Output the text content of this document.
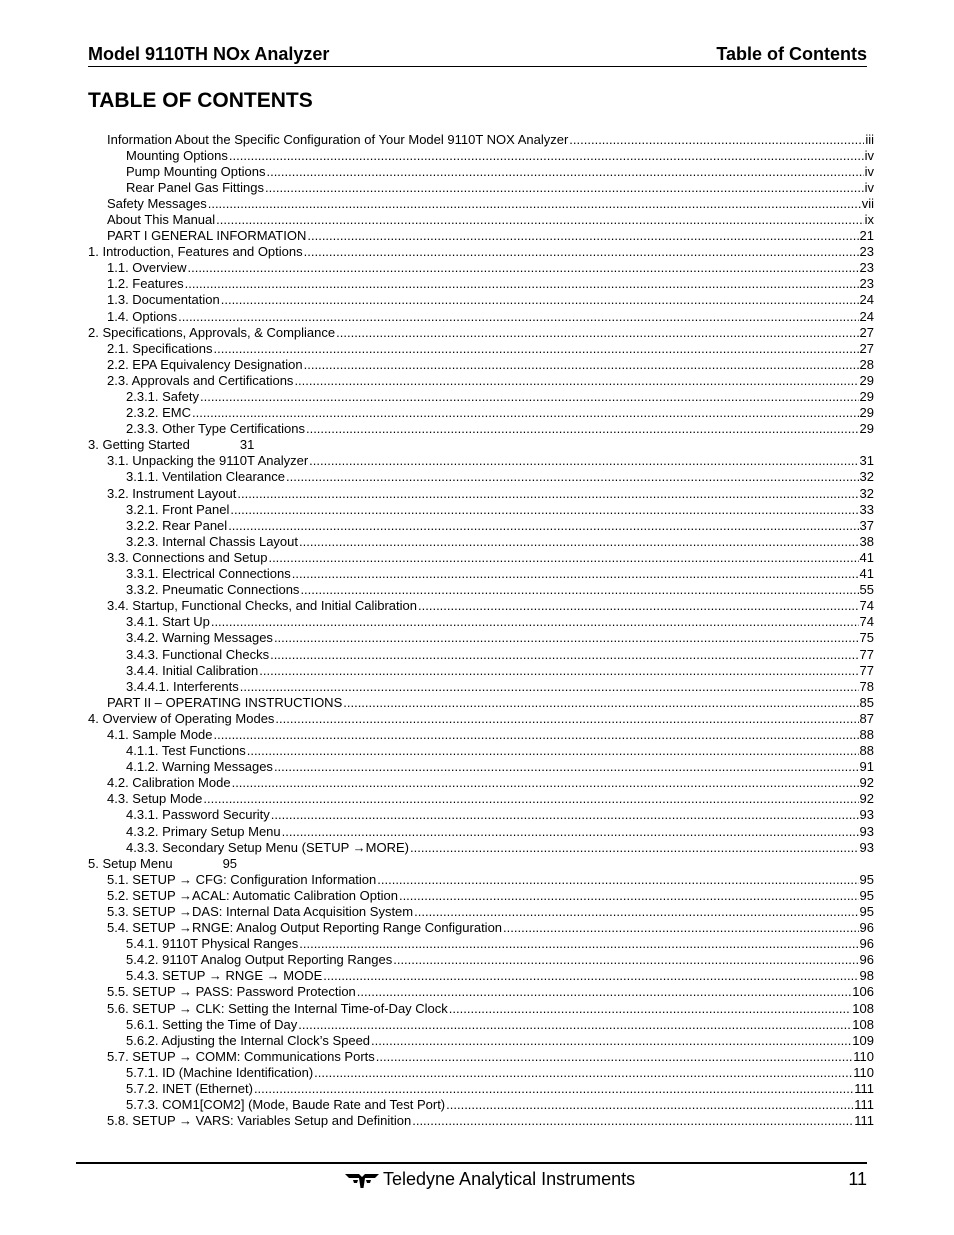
Model 9110TH NOx Analyzer	Table of Contents
TABLE OF CONTENTS
Information About the Specific Configuration of Your Model 9110T NOX Analyzer .....	iii
Mounting Options .....	iv
Pump Mounting Options .....	iv
Rear Panel Gas Fittings .....	iv
Safety Messages .....	vii
About This Manual .....	ix
PART I GENERAL INFORMATION .....	21
1. Introduction, Features and Options .....	23
1.1. Overview .....	23
1.2. Features .....	23
1.3. Documentation .....	24
1.4. Options .....	24
2. Specifications, Approvals, & Compliance .....	27
2.1. Specifications .....	27
2.2. EPA Equivalency Designation .....	28
2.3. Approvals and Certifications .....	29
2.3.1. Safety .....	29
2.3.2. EMC .....	29
2.3.3. Other Type Certifications .....	29
3. Getting Started	31
3.1. Unpacking the 9110T Analyzer .....	31
3.1.1. Ventilation Clearance .....	32
3.2. Instrument Layout .....	32
3.2.1. Front Panel .....	33
3.2.2. Rear Panel .....	37
3.2.3. Internal Chassis Layout .....	38
3.3. Connections and Setup .....	41
3.3.1. Electrical Connections .....	41
3.3.2. Pneumatic Connections .....	55
3.4. Startup, Functional Checks, and Initial Calibration .....	74
3.4.1. Start Up .....	74
3.4.2. Warning Messages .....	75
3.4.3. Functional Checks .....	77
3.4.4. Initial Calibration .....	77
3.4.4.1. Interferents .....	78
PART II – OPERATING INSTRUCTIONS .....	85
4. Overview of Operating Modes .....	87
4.1. Sample Mode .....	88
4.1.1. Test Functions .....	88
4.1.2. Warning Messages .....	91
4.2. Calibration Mode .....	92
4.3. Setup Mode .....	92
4.3.1. Password Security .....	93
4.3.2. Primary Setup Menu .....	93
4.3.3. Secondary Setup Menu (SETUP →MORE) .....	93
5. Setup Menu	95
5.1. SETUP → CFG: Configuration Information .....	95
5.2. SETUP →ACAL: Automatic Calibration Option .....	95
5.3. SETUP →DAS: Internal Data Acquisition System .....	95
5.4. SETUP →RNGE: Analog Output Reporting Range Configuration .....	96
5.4.1. 9110T Physical Ranges .....	96
5.4.2. 9110T Analog Output Reporting Ranges .....	96
5.4.3. SETUP → RNGE → MODE .....	98
5.5. SETUP → PASS: Password Protection .....	106
5.6. SETUP → CLK: Setting the Internal Time-of-Day Clock .....	108
5.6.1. Setting the Time of Day .....	108
5.6.2. Adjusting the Internal Clock’s Speed .....	109
5.7. SETUP → COMM: Communications Ports .....	110
5.7.1. ID (Machine Identification) .....	110
5.7.2. INET (Ethernet) .....	111
5.7.3. COM1[COM2] (Mode, Baude Rate and Test Port) .....	111
5.8. SETUP → VARS: Variables Setup and Definition .....	111
Teledyne Analytical Instruments	11
